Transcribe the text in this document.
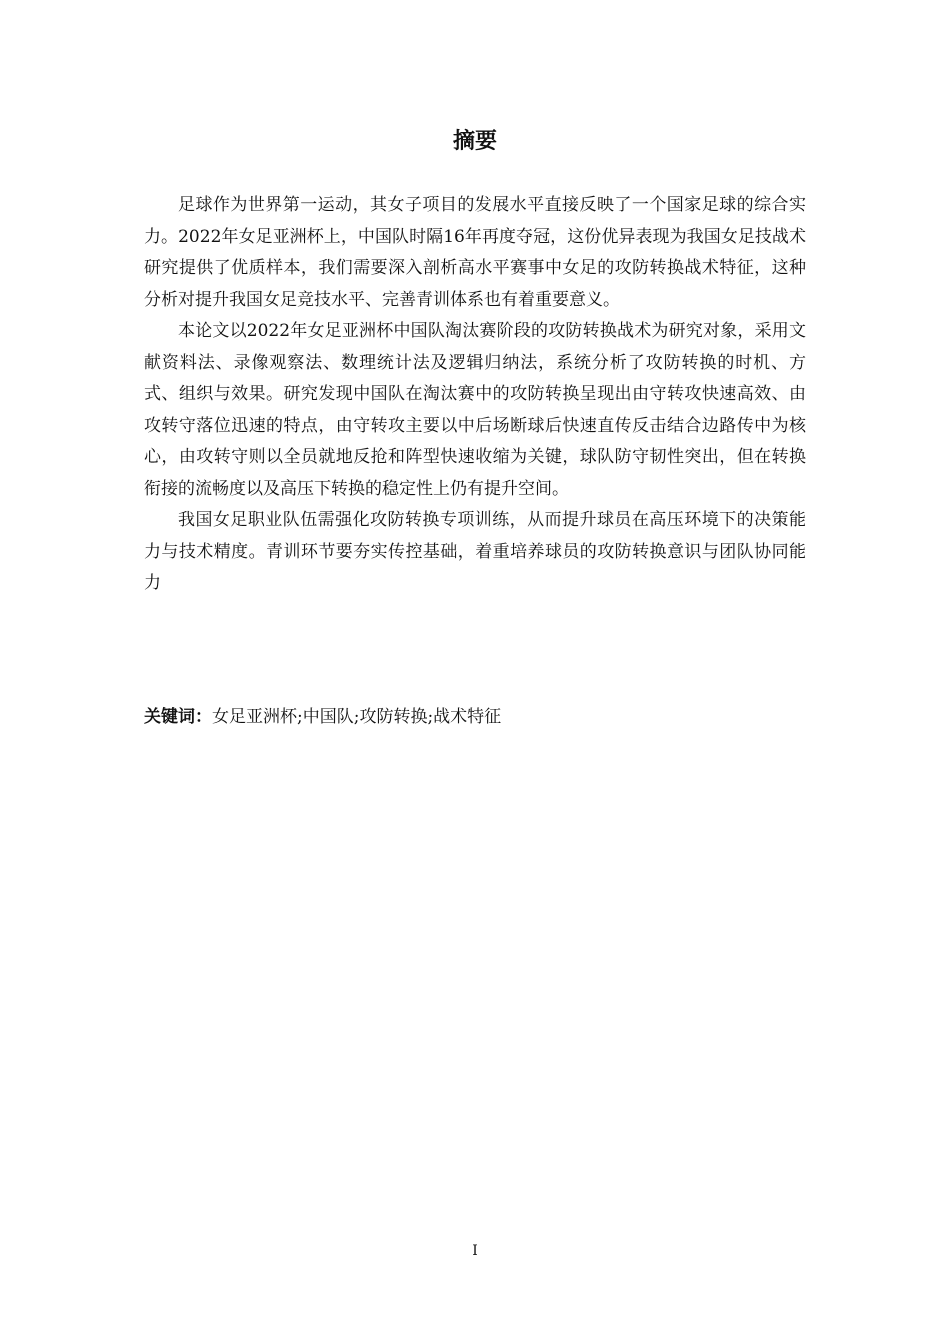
摘要

足球作为世界第一运动，其女子项目的发展水平直接反映了一个国家足球的综合实力。2022年女足亚洲杯上，中国队时隔16年再度夺冠，这份优异表现为我国女足技战术研究提供了优质样本，我们需要深入剖析高水平赛事中女足的攻防转换战术特征，这种分析对提升我国女足竞技水平、完善青训体系也有着重要意义。

本论文以2022年女足亚洲杯中国队淘汰赛阶段的攻防转换战术为研究对象，采用文献资料法、录像观察法、数理统计法及逻辑归纳法，系统分析了攻防转换的时机、方式、组织与效果。研究发现中国队在淘汰赛中的攻防转换呈现出由守转攻快速高效、由攻转守落位迅速的特点，由守转攻主要以中后场断球后快速直传反击结合边路传中为核心，由攻转守则以全员就地反抢和阵型快速收缩为关键，球队防守韧性突出，但在转换衔接的流畅度以及高压下转换的稳定性上仍有提升空间。

我国女足职业队伍需强化攻防转换专项训练，从而提升球员在高压环境下的决策能力与技术精度。青训环节要夯实传控基础，着重培养球员的攻防转换意识与团队协同能力

关键词：女足亚洲杯;中国队;攻防转换;战术特征
I
